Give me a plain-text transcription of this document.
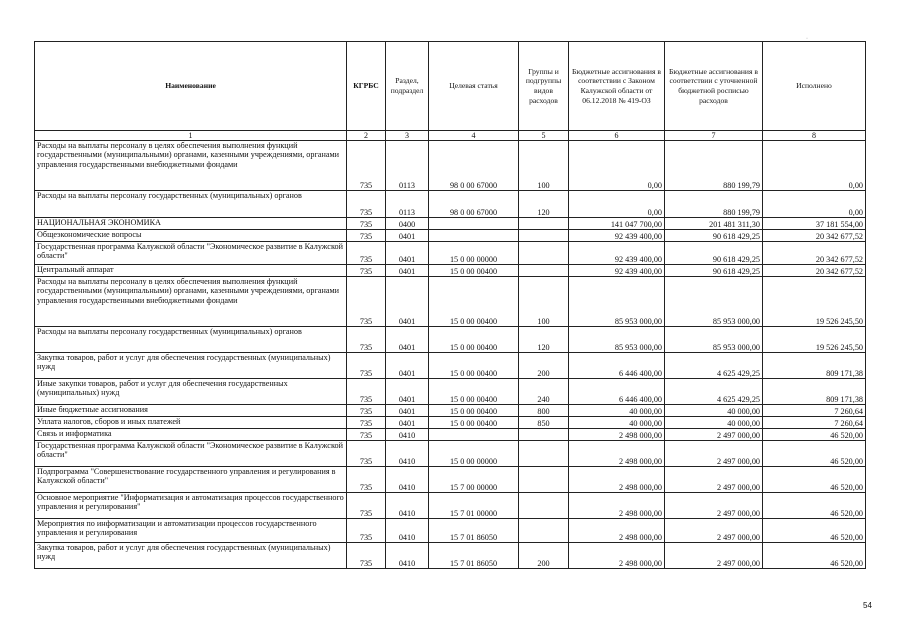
Наименование	КГРБС	Раздел, подраздел	Целевая статья	Группы и подгруппы видов расходов	Бюджетные ассигнования в соответствии с Законом Калужской области от 06.12.2018 № 419-ОЗ	Бюджетные ассигнования в соответствии с уточненной бюджетной росписью расходов	Исполнено
1	2	3	4	5	6	7	8
Расходы на выплаты персоналу в целях обеспечения выполнения функций государственными (муниципальными) органами, казенными учреждениями, органами управления государственными внебюджетными фондами	735	0113	98 0 00 67000	100	0,00	880 199,79	0,00
Расходы на выплаты персоналу государственных (муниципальных) органов	735	0113	98 0 00 67000	120	0,00	880 199,79	0,00
НАЦИОНАЛЬНАЯ ЭКОНОМИКА	735	0400			141 047 700,00	201 481 311,30	37 181 554,00
Общеэкономические вопросы	735	0401			92 439 400,00	90 618 429,25	20 342 677,52
Государственная программа Калужской области "Экономическое развитие в Калужской области"	735	0401	15 0 00 00000		92 439 400,00	90 618 429,25	20 342 677,52
Центральный аппарат	735	0401	15 0 00 00400		92 439 400,00	90 618 429,25	20 342 677,52
Расходы на выплаты персоналу в целях обеспечения выполнения функций государственными (муниципальными) органами, казенными учреждениями, органами управления государственными внебюджетными фондами	735	0401	15 0 00 00400	100	85 953 000,00	85 953 000,00	19 526 245,50
Расходы на выплаты персоналу государственных (муниципальных) органов	735	0401	15 0 00 00400	120	85 953 000,00	85 953 000,00	19 526 245,50
Закупка товаров, работ и услуг для обеспечения государственных (муниципальных) нужд	735	0401	15 0 00 00400	200	6 446 400,00	4 625 429,25	809 171,38
Иные закупки товаров, работ и услуг для обеспечения государственных (муниципальных) нужд	735	0401	15 0 00 00400	240	6 446 400,00	4 625 429,25	809 171,38
Иные бюджетные ассигнования	735	0401	15 0 00 00400	800	40 000,00	40 000,00	7 260,64
Уплата налогов, сборов и иных платежей	735	0401	15 0 00 00400	850	40 000,00	40 000,00	7 260,64
Связь и информатика	735	0410			2 498 000,00	2 497 000,00	46 520,00
Государственная программа Калужской области "Экономическое развитие в Калужской области"	735	0410	15 0 00 00000		2 498 000,00	2 497 000,00	46 520,00
Подпрограмма "Совершенствование государственного управления и регулирования в Калужской области"	735	0410	15 7 00 00000		2 498 000,00	2 497 000,00	46 520,00
Основное мероприятие "Информатизация и автоматизация процессов государственного управления и регулирования"	735	0410	15 7 01 00000		2 498 000,00	2 497 000,00	46 520,00
Мероприятия по информатизации и автоматизации процессов государственного управления и регулирования	735	0410	15 7 01 86050		2 498 000,00	2 497 000,00	46 520,00
Закупка товаров, работ и услуг для обеспечения государственных (муниципальных) нужд	735	0410	15 7 01 86050	200	2 498 000,00	2 497 000,00	46 520,00
·
54
